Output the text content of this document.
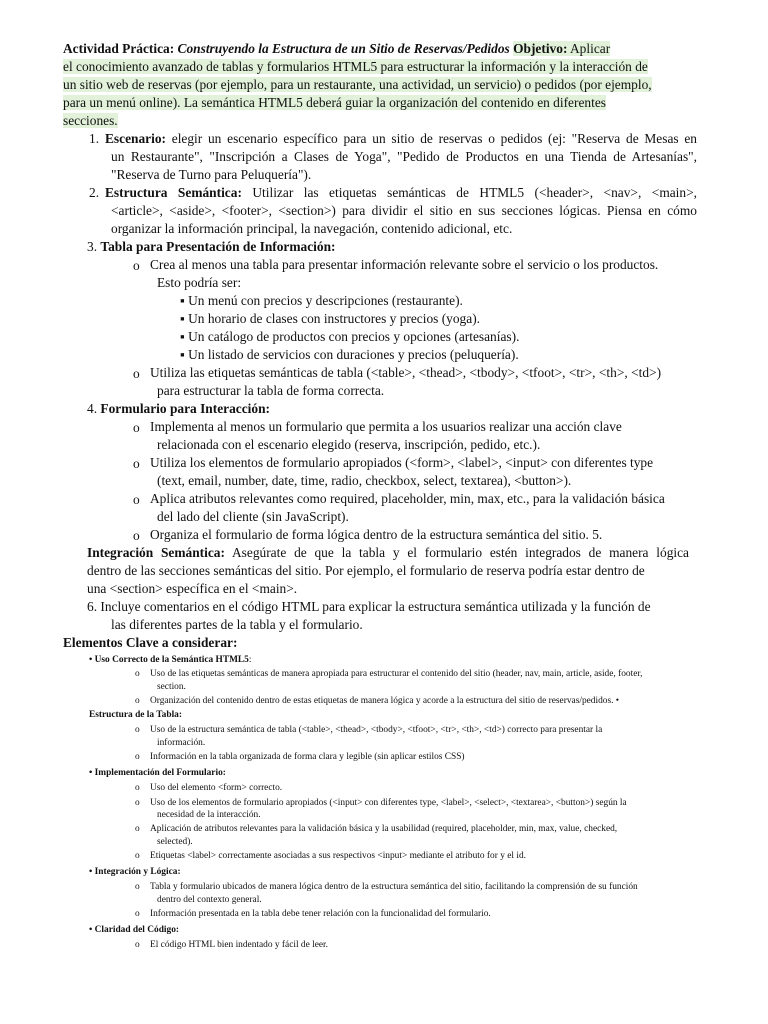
Actividad Práctica: Construyendo la Estructura de un Sitio de Reservas/Pedidos Objetivo: Aplicar
el conocimiento avanzado de tablas y formularios HTML5 para estructurar la información y la interacción de
un sitio web de reservas (por ejemplo, para un restaurante, una actividad, un servicio) o pedidos (por ejemplo,
para un menú online). La semántica HTML5 deberá guiar la organización del contenido en diferentes
secciones.
1. Escenario: elegir un escenario específico para un sitio de reservas o pedidos (ej: "Reserva de Mesas en
un Restaurante", "Inscripción a Clases de Yoga", "Pedido de Productos en una Tienda de Artesanías",
"Reserva de Turno para Peluquería").
2. Estructura Semántica: Utilizar las etiquetas semánticas de HTML5 (<header>, <nav>, <main>,
<article>, <aside>, <footer>, <section>) para dividir el sitio en sus secciones lógicas. Piensa en cómo
organizar la información principal, la navegación, contenido adicional, etc.
3. Tabla para Presentación de Información:
o Crea al menos una tabla para presentar información relevante sobre el servicio o los productos.
Esto podría ser:
▪ Un menú con precios y descripciones (restaurante).
▪ Un horario de clases con instructores y precios (yoga).
▪ Un catálogo de productos con precios y opciones (artesanías).
▪ Un listado de servicios con duraciones y precios (peluquería).
o Utiliza las etiquetas semánticas de tabla (<table>, <thead>, <tbody>, <tfoot>, <tr>, <th>, <td>)
para estructurar la tabla de forma correcta.
4. Formulario para Interacción:
o Implementa al menos un formulario que permita a los usuarios realizar una acción clave
relacionada con el escenario elegido (reserva, inscripción, pedido, etc.).
o Utiliza los elementos de formulario apropiados (<form>, <label>, <input> con diferentes type
(text, email, number, date, time, radio, checkbox, select, textarea), <button>).
o Aplica atributos relevantes como required, placeholder, min, max, etc., para la validación básica
del lado del cliente (sin JavaScript).
o Organiza el formulario de forma lógica dentro de la estructura semántica del sitio. 5.
Integración Semántica: Asegúrate de que la tabla y el formulario estén integrados de manera lógica
dentro de las secciones semánticas del sitio. Por ejemplo, el formulario de reserva podría estar dentro de
una <section> específica en el <main>.
6. Incluye comentarios en el código HTML para explicar la estructura semántica utilizada y la función de
las diferentes partes de la tabla y el formulario.
Elementos Clave a considerar:
• Uso Correcto de la Semántica HTML5:
o Uso de las etiquetas semánticas de manera apropiada para estructurar el contenido del sitio (header, nav, main, article, aside, footer,
section.
o Organización del contenido dentro de estas etiquetas de manera lógica y acorde a la estructura del sitio de reservas/pedidos. •
Estructura de la Tabla:
o Uso de la estructura semántica de tabla (<table>, <thead>, <tbody>, <tfoot>, <tr>, <th>, <td>) correcto para presentar la
información.
o Información en la tabla organizada de forma clara y legible (sin aplicar estilos CSS)
• Implementación del Formulario:
o Uso del elemento <form> correcto.
o Uso de los elementos de formulario apropiados (<input> con diferentes type, <label>, <select>, <textarea>, <button>) según la
necesidad de la interacción.
o Aplicación de atributos relevantes para la validación básica y la usabilidad (required, placeholder, min, max, value, checked,
selected).
o Etiquetas <label> correctamente asociadas a sus respectivos <input> mediante el atributo for y el id.
• Integración y Lógica:
o Tabla y formulario ubicados de manera lógica dentro de la estructura semántica del sitio, facilitando la comprensión de su función
dentro del contexto general.
o Información presentada en la tabla debe tener relación con la funcionalidad del formulario.
• Claridad del Código:
o El código HTML bien indentado y fácil de leer.
